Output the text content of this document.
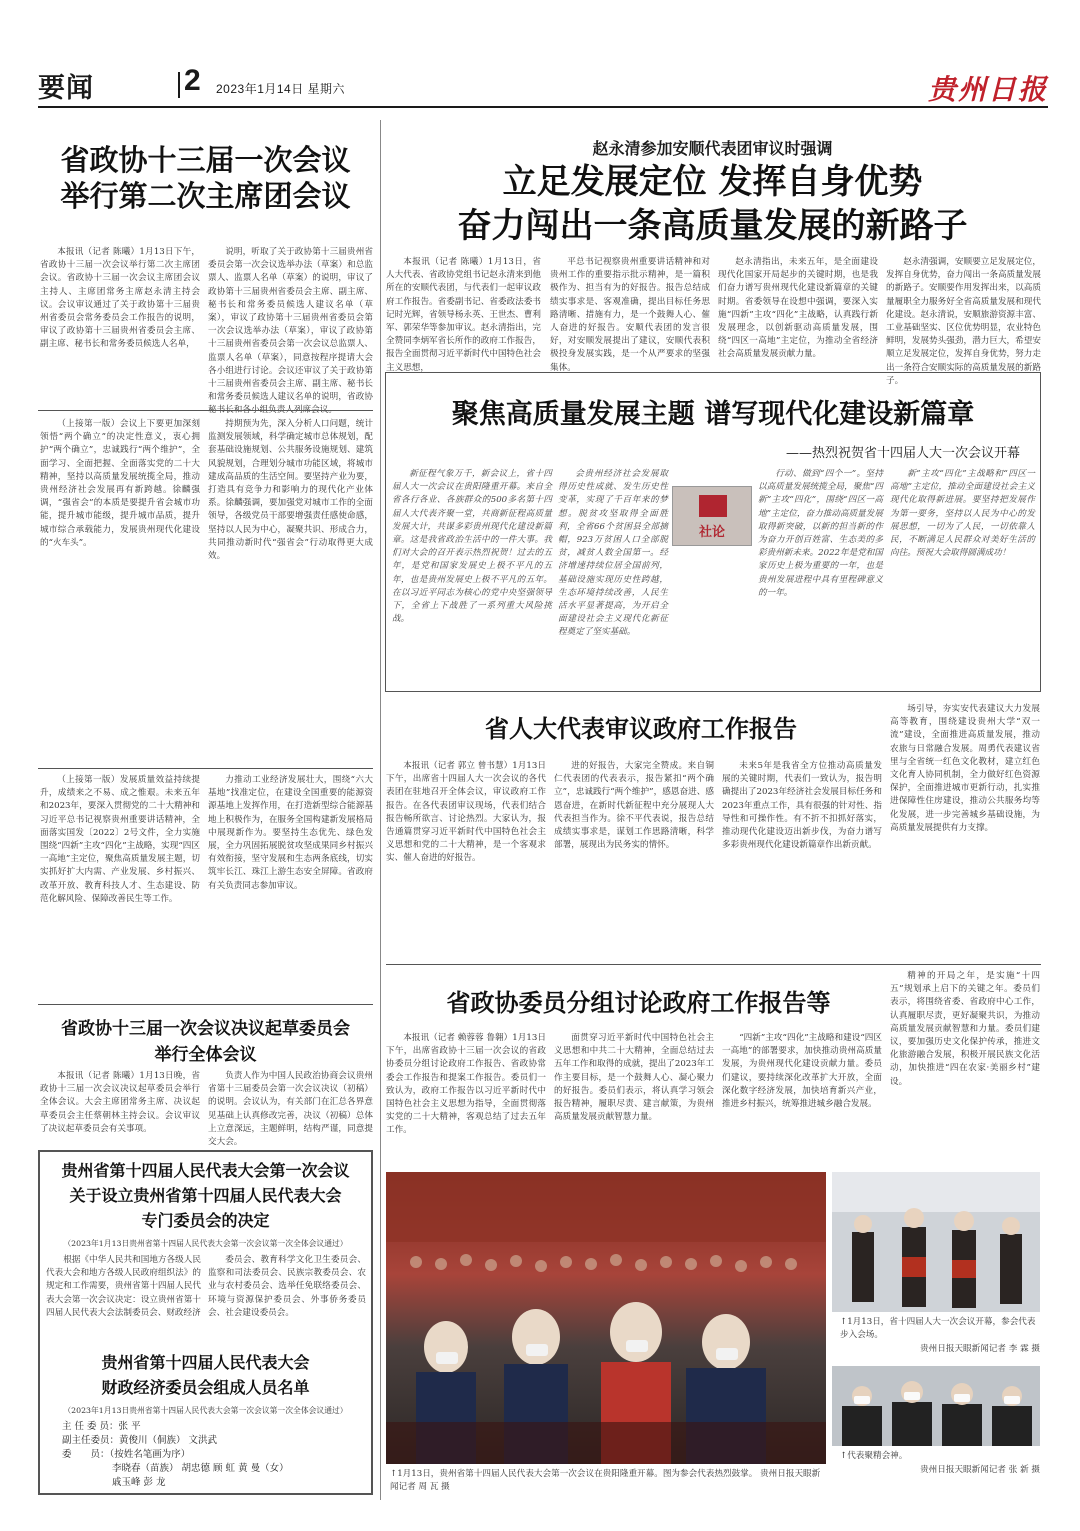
要闻	2 2023年1月14日 星期六	贵州日报
省政协十三届一次会议
举行第二次主席团会议

本报讯（记者 陈曦）1月13日下午，省政协十三届一次会议举行第二次主席团会议。省政协十三届一次会议主席团会议主持人、主席团常务主席赵永清主持会议。会议审议通过了关于政协第十三届贵州省委员会常务委员会工作报告的说明，审议了政协第十三届贵州省委员会主席、副主席、秘书长和常务委员候选人名单，

说明，听取了关于政协第十三届贵州省委员会第一次会议选举办法（草案）和总监票人、监票人名单（草案）的说明，审议了政协第十三届贵州省委员会主席、副主席、秘书长和常务委员候选人建议名单（草案），审议了政协第十三届贵州省委员会第一次会议选举办法（草案），审议了政协第十三届贵州省委员会第一次会议总监票人、监票人名单（草案），同意按程序提请大会各小组进行讨论。会议还审议了关于政协第十三届贵州省委员会主席、副主席、秘书长和常务委员候选人建议名单的说明，省政协

赵永清参加安顺代表团审议时强调
立足发展定位 发挥自身优势
奋力闯出一条高质量发展的新路子

本报讯（记者 陈曦）1月13日，省人大代表、省政协党组书记赵永清来到他所在的安顺代表团，与代表们一起审议政府工作报告。省委副书记、省委政法委书记时光辉，省领导杨永英、王世杰、曹利军、郭荣华等参加审议。赵永清指出，完全赞同李炳军省长所作的政府工作报告，报告全面贯彻习近平新时代中国特色社会主义思想，

平总书记视察贵州重要讲话精神和对贵州工作的重要指示批示精神，是一篇积极作为、担当有为的好报告。报告总结成绩实事求是、客观准确，提出目标任务思路清晰、措施有力，是一个鼓舞人心、催人奋进的好报告。安顺代表团的发言很好，对安顺发展提出了建议，安顺代表积极投身发展实践，是一个从严要求的坚强集体。

赵永清指出，未来五年，是全面建设现代化国家开局起步的关键时期，也是我们奋力谱写贵州现代化建设新篇章的关键时期。省委领导在设想中强调，要深入实施“四新”主攻“四化”主战略，认真践行新发展理念，以创新驱动高质量发展，围绕“四区一高地”主定位，为推动全省经济社会高质量发展贡献力量。

赵永清强调，安顺要立足发展定位，发挥自身优势，奋力闯出一条高质量发展的新路子。安顺要作用发挥出来，以高质量履职全力服务好全省高质量发展和现代化建设。赵永清说，安顺旅游资源丰富、工业基础坚实、区位优势明显，农业特色鲜明，发展势头强劲，潜力巨大，希望安顺立足发展定位，发挥自身优势，努力走出一条符合安顺实际的高质量发展的新路子。

聚焦高质量发展主题 谱写现代化建设新篇章
——热烈祝贺省十四届人大一次会议开幕
社论

新征程气象万千，新会议上，省十四届人大一次会议在贵阳隆重开幕。来自全省各行各业、各族群众的500多名第十四届人大代表齐聚一堂，共商新征程高质量发展大计，共谋多彩贵州现代化建设新篇章。这是我省政治生活中的一件大事。我们对大会的召开表示热烈祝贺！过去的五年，是党和国家发展史上极不平凡的五年，也是贵州发展史上极不平凡的五年。在以习近平同志为核心的党中央坚强领导下，全省上下战胜了一系列重大风险挑战。

会贵州经济社会发展取得历史性成就、发生历史性变革，实现了千百年来的梦想。脱贫攻坚取得全面胜利，全省66个贫困县全部摘帽，923万贫困人口全部脱贫，减贫人数全国第一。经济增速持续位居全国前列，基础设施实现历史性跨越，生态环境持续改善，人民生活水平显著提高，为开启全面建设社会主义现代化新征程奠定了坚实基础。

行动、做到“四个一”。坚持以高质量发展统揽全局，聚焦“四新”主攻“四化”，围绕“四区一高地”主定位，奋力推动高质量发展取得新突破，以新的担当新的作为奋力开创百姓富、生态美的多彩贵州新未来。2022年是党和国家历史上极为重要的一年，也是贵州发展进程中具有里程碑意义的一年。

新”主攻“四化”主战略和“四区一高地”主定位，推动全面建设社会主义现代化取得新进展。要坚持把发展作为第一要务，坚持以人民为中心的发展思想，一切为了人民，一切依靠人民，不断满足人民群众对美好生活的向往。预祝大会取得圆满成功！

（上接第一版）会议上下要更加深刻领悟“两个确立”的决定性意义，衷心拥护“两个确立”，忠诚践行“两个维护”，全面学习、全面把握、全面落实党的二十大精神，坚持以高质量发展统揽全局，推动贵州经济社会发展再有新跨越。徐麟强调，“强省会”的本质是要提升省会城市功能，提升城市能级，提升城市品质，提升城市综合承载能力，发展贵州现代化建设的“火车头”。

持期预为先，深入分析人口问题，统计监测发展领域，科学确定城市总体规划，配套基础设施规划、公共服务设施规划、建筑风貌规划，合理划分城市功能区域，将城市建成高品质的生活空间。要坚持产业为要，打造具有竞争力和影响力的现代化产业体系。徐麟强调，要加强党对城市工作的全面领导，各级党员干部要增强责任感使命感，坚持以人民为中心，凝聚共识、形成合力，共同推动新时代“强省会”行动取得更大成效。

（上接第一版）发展质量效益持续提升，成绩来之不易、成之惟艰。未来五年和2023年，要深入贯彻党的二十大精神和习近平总书记视察贵州重要讲话精神，全面落实国发〔2022〕2号文件，全力实施围绕“四新”主攻“四化”主战略，实现“四区一高地”主定位，聚焦高质量发展主题，切实抓好扩大内需、产业发展、乡村振兴、改革开放、教育科技人才、生态建设、防范化解风险、保障改善民生等工作。

力推动工业经济发展壮大，围绕“六大基地”找准定位，在建设全国重要的能源资源基地上发挥作用，在打造新型综合能源基地上积极作为，在服务全国构建新发展格局中展现新作为。要坚持生态优先、绿色发展，全力巩固拓展脱贫攻坚成果同乡村振兴有效衔接，坚守发展和生态两条底线，切实筑牢长江、珠江上游生态安全屏障。省政府有关负责同志参加审议。

省人大代表审议政府工作报告

本报讯（记者 郭立 曾书慧）1月13日下午，出席省十四届人大一次会议的各代表团在驻地召开全体会议，审议政府工作报告。在各代表团审议现场，代表们结合报告畅所欲言、讨论热烈。大家认为，报告通篇贯穿习近平新时代中国特色社会主义思想和党的二十大精神，是一个客观求实、催人奋进的好报告。

进的好报告，大家完全赞成。来自铜仁代表团的代表表示，报告紧扣“两个确立”，忠诚践行“两个维护”，感恩奋进、感恩奋进，在新时代新征程中充分展现人大代表担当作为。徐不平代表说，报告总结成绩实事求是，谋划工作思路清晰，科学部署，展现出为民务实的情怀。

未来5年是我省全方位推动高质量发展的关键时期，代表们一致认为，报告明确提出了2023年经济社会发展目标任务和2023年重点工作，具有很强的针对性、指导性和可操作性。有不折不扣抓好落实，推动现代化建设迈出新步伐，为奋力谱写多彩贵州现代化建设新篇章作出新贡献。

场引导，夯实安代表建议大力发展高等教育，围绕建设贵州大学“双一流”建设，全面推进高质量发展，推动农旅与日常融合发展。周勇代表建议省里与全省统一红色文化教材，建立红色文化育人协同机制，全力做好红色资源保护，全面推进城市更新行动，扎实推进保障性住房建设，推动公共服务均等化发展，进一步完善城乡基础设施，为高质量发展提供有力支撑。

省政协委员分组讨论政府工作报告等

本报讯（记者 赖蓉蓉 鲁翱）1月13日下午，出席省政协十三届一次会议的省政协委员分组讨论政府工作报告、省政协常委会工作报告和提案工作报告。委员们一致认为，政府工作报告以习近平新时代中国特色社会主义思想为指导，全面贯彻落实党的二十大精神，客观总结了过去五年工作。

面贯穿习近平新时代中国特色社会主义思想和中共二十大精神，全面总结过去五年工作和取得的成就，提出了2023年工作主要目标，是一个鼓舞人心、凝心聚力的好报告。委员们表示，将认真学习领会报告精神，履职尽责、建言献策，为贵州高质量发展贡献智慧力量。

“四新”主攻“四化”主战略和建设“四区一高地”的部署要求，加快推动贵州高质量发展，为贵州现代化建设贡献力量。委员们建议，要持续深化改革扩大开放，全面深化数字经济发展，加快培育新兴产业，推进乡村振兴，统筹推进城乡融合发展。

精神的开局之年，是实施“十四五”规划承上启下的关键之年。委员们表示，将围绕省委、省政府中心工作，认真履职尽责，更好凝聚共识，为推动高质量发展贡献智慧和力量。委员们建议，要加强历史文化保护传承，推进文化旅游融合发展，积极开展民族文化活动，加快推进“四在农家·美丽乡村”建设。

省政协十三届一次会议决议起草委员会
举行全体会议

本报讯（记者 陈曦）1月13日晚，省政协十三届一次会议决议起草委员会举行全体会议。大会主席团常务主席、决议起草委员会主任蔡朝林主持会议。会议审议了决议起草委员会有关事项。

负责人作为中国人民政治协商会议贵州省第十三届委员会第一次会议决议（初稿）的说明。会议认为，有关部门在汇总各界意见基础上认真修改完善，决议（初稿）总体上立意深远，主题鲜明，结构严谨，同意提交大会。

贵州省第十四届人民代表大会第一次会议
关于设立贵州省第十四届人民代表大会
专门委员会的决定
（2023年1月13日贵州省第十四届人民代表大会第一次会议第一次全体会议通过）

根据《中华人民共和国地方各级人民代表大会和地方各级人民政府组织法》的规定和工作需要，贵州省第十四届人民代表大会第一次会议决定：设立贵州省第十四届人民代表大会法制委员会、财政经济

委员会、教育科学文化卫生委员会、监察和司法委员会、民族宗教委员会、农业与农村委员会、选举任免联络委员会、环境与资源保护委员会、外事侨务委员会、社会建设委员会。

贵州省第十四届人民代表大会
财政经济委员会组成人员名单
（2023年1月13日贵州省第十四届人民代表大会第一次会议第一次全体会议通过）
主 任 委 员：张 平
副主任委员：黄俊川（侗族） 文洪武
委　　员：（按姓名笔画为序）
李晓春（苗族） 胡忠德 顾 虹 黄 曼（女）
戚玉峰 彭 龙
↑1月13日，贵州省第十四届人民代表大会第一次会议在贵阳隆重开幕。图为参会代表热烈鼓掌。 贵州日报天眼新闻记者 周 瓦 摄
↑1月13日，省十四届人大一次会议开幕，参会代表步入会场。
贵州日报天眼新闻记者 李 霖 摄
↑代表聚精会神。
贵州日报天眼新闻记者 张 新 摄
